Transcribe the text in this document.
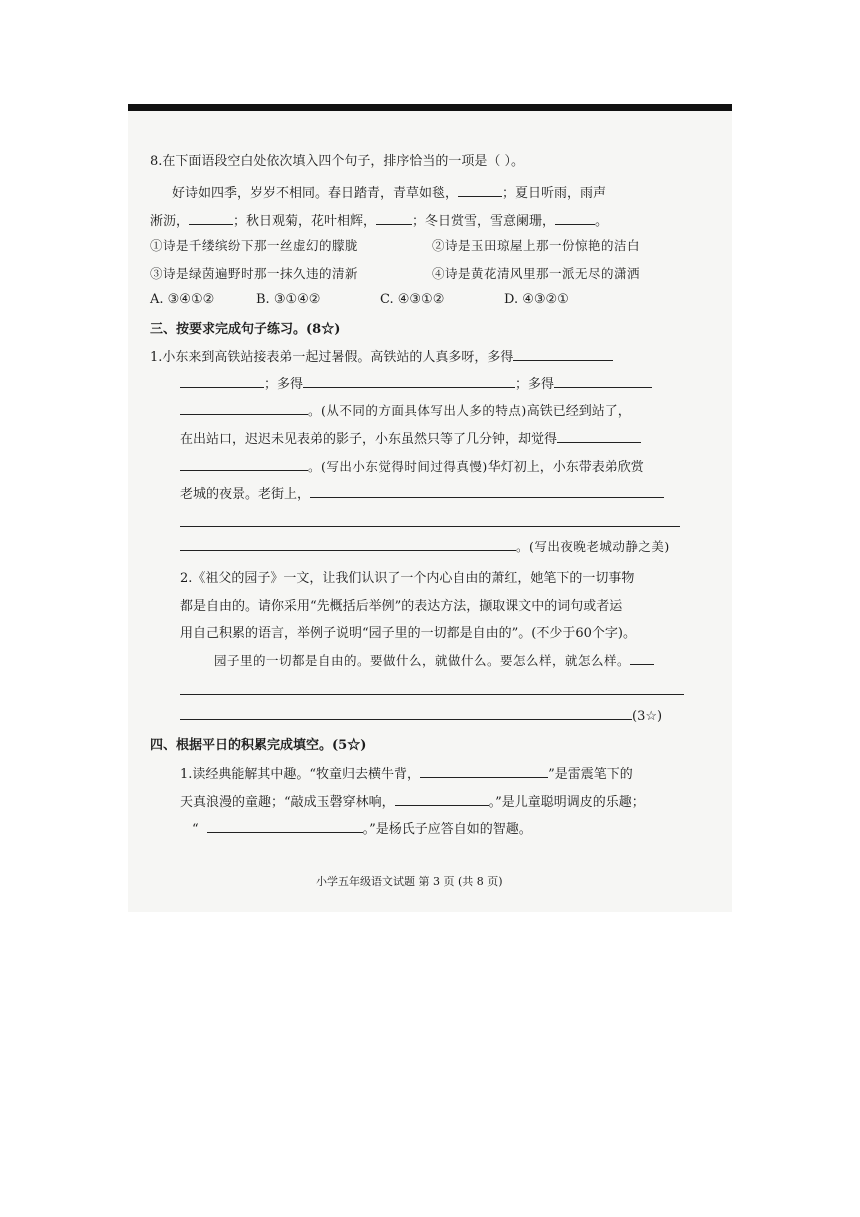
8.在下面语段空白处依次填入四个句子，排序恰当的一项是（ ）。
好诗如四季，岁岁不相同。春日踏青，青草如毯，	；夏日听雨，雨声
淅沥，	；秋日观菊，花叶相辉，	；冬日赏雪，雪意阑珊，	。
①诗是千缕缤纷下那一丝虚幻的朦胧	②诗是玉田琼屋上那一份惊艳的洁白
③诗是绿茵遍野时那一抹久违的清新	④诗是黄花清风里那一派无尽的潇洒
A. ③④①②	B. ③①④②	C. ④③①②	D. ④③②①
三、按要求完成句子练习。(8☆)
1.小东来到高铁站接表弟一起过暑假。高铁站的人真多呀，多得
；多得	；多得
。(从不同的方面具体写出人多的特点)高铁已经到站了，
在出站口，迟迟未见表弟的影子，小东虽然只等了几分钟，却觉得
。(写出小东觉得时间过得真慢)华灯初上，小东带表弟欣赏
老城的夜景。老街上，
。(写出夜晚老城动静之美)
2.《祖父的园子》一文，让我们认识了一个内心自由的萧红，她笔下的一切事物
都是自由的。请你采用“先概括后举例”的表达方法，撷取课文中的词句或者运
用自己积累的语言，举例子说明“园子里的一切都是自由的”。(不少于60个字)。
园子里的一切都是自由的。要做什么，就做什么。要怎么样，就怎么样。
(3☆)
四、根据平日的积累完成填空。(5☆)
1.读经典能解其中趣。“牧童归去横牛背，	”是雷震笔下的
天真浪漫的童趣；“敲成玉磬穿林响，	。”是儿童聪明调皮的乐趣；
“	。”是杨氏子应答自如的智趣。
小学五年级语文试题 第 3 页 (共 8 页)
